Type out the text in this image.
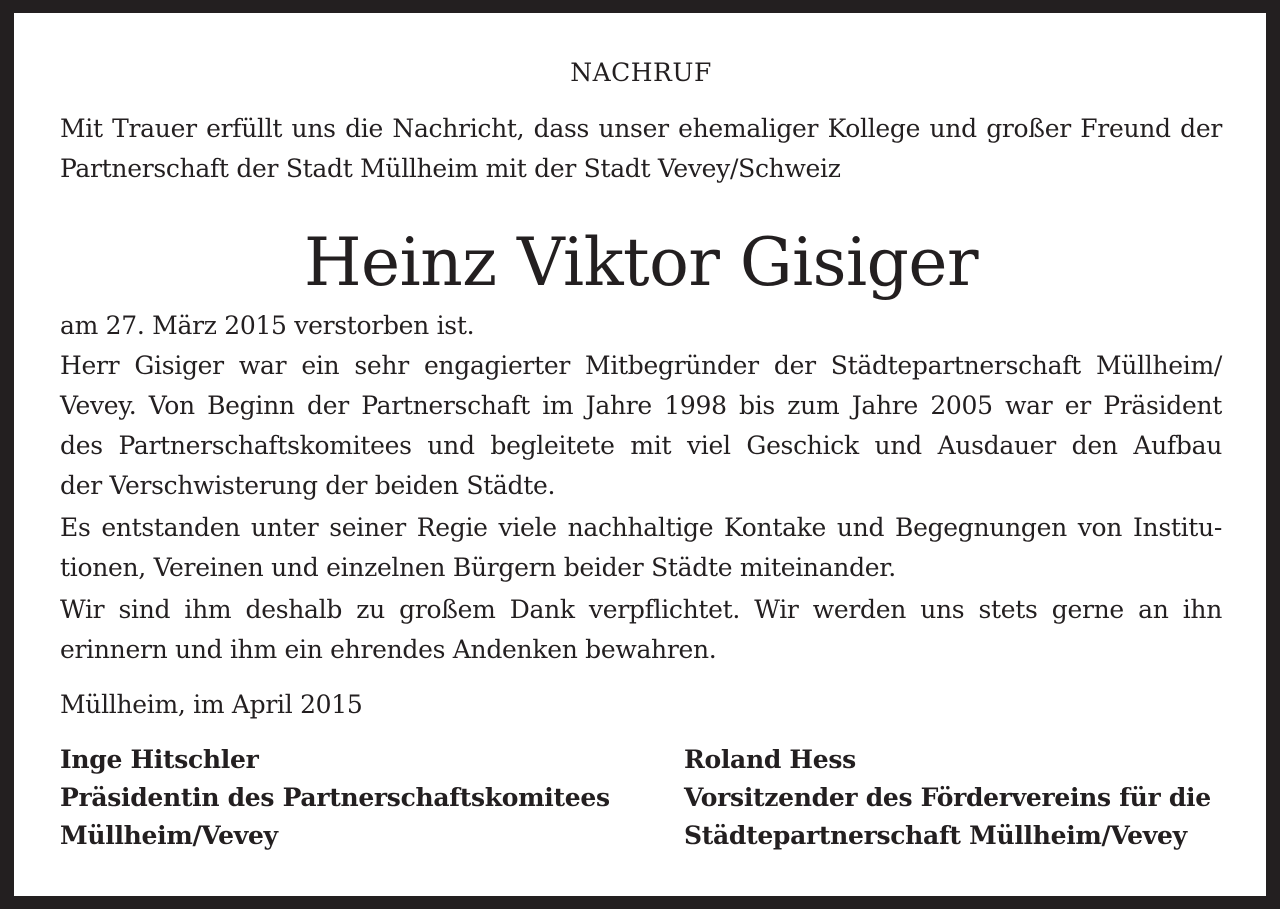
NACHRUF
Mit Trauer erfüllt uns die Nachricht, dass unser ehemaliger Kollege und großer Freund der
Partnerschaft der Stadt Müllheim mit der Stadt Vevey/Schweiz
Heinz Viktor Gisiger
am 27. März 2015 verstorben ist.
Herr Gisiger war ein sehr engagierter Mitbegründer der Städtepartnerschaft Müllheim/
Vevey. Von Beginn der Partnerschaft im Jahre 1998 bis zum Jahre 2005 war er Präsident
des Partnerschaftskomitees und begleitete mit viel Geschick und Ausdauer den Aufbau
der Verschwisterung der beiden Städte.
Es entstanden unter seiner Regie viele nachhaltige Kontake und Begegnungen von Institu-
tionen, Vereinen und einzelnen Bürgern beider Städte miteinander.
Wir sind ihm deshalb zu großem Dank verpflichtet. Wir werden uns stets gerne an ihn
erinnern und ihm ein ehrendes Andenken bewahren.
Müllheim, im April 2015
Inge Hitschler
Präsidentin des Partnerschaftskomitees
Müllheim/Vevey
Roland Hess
Vorsitzender des Fördervereins für die
Städtepartnerschaft Müllheim/Vevey
